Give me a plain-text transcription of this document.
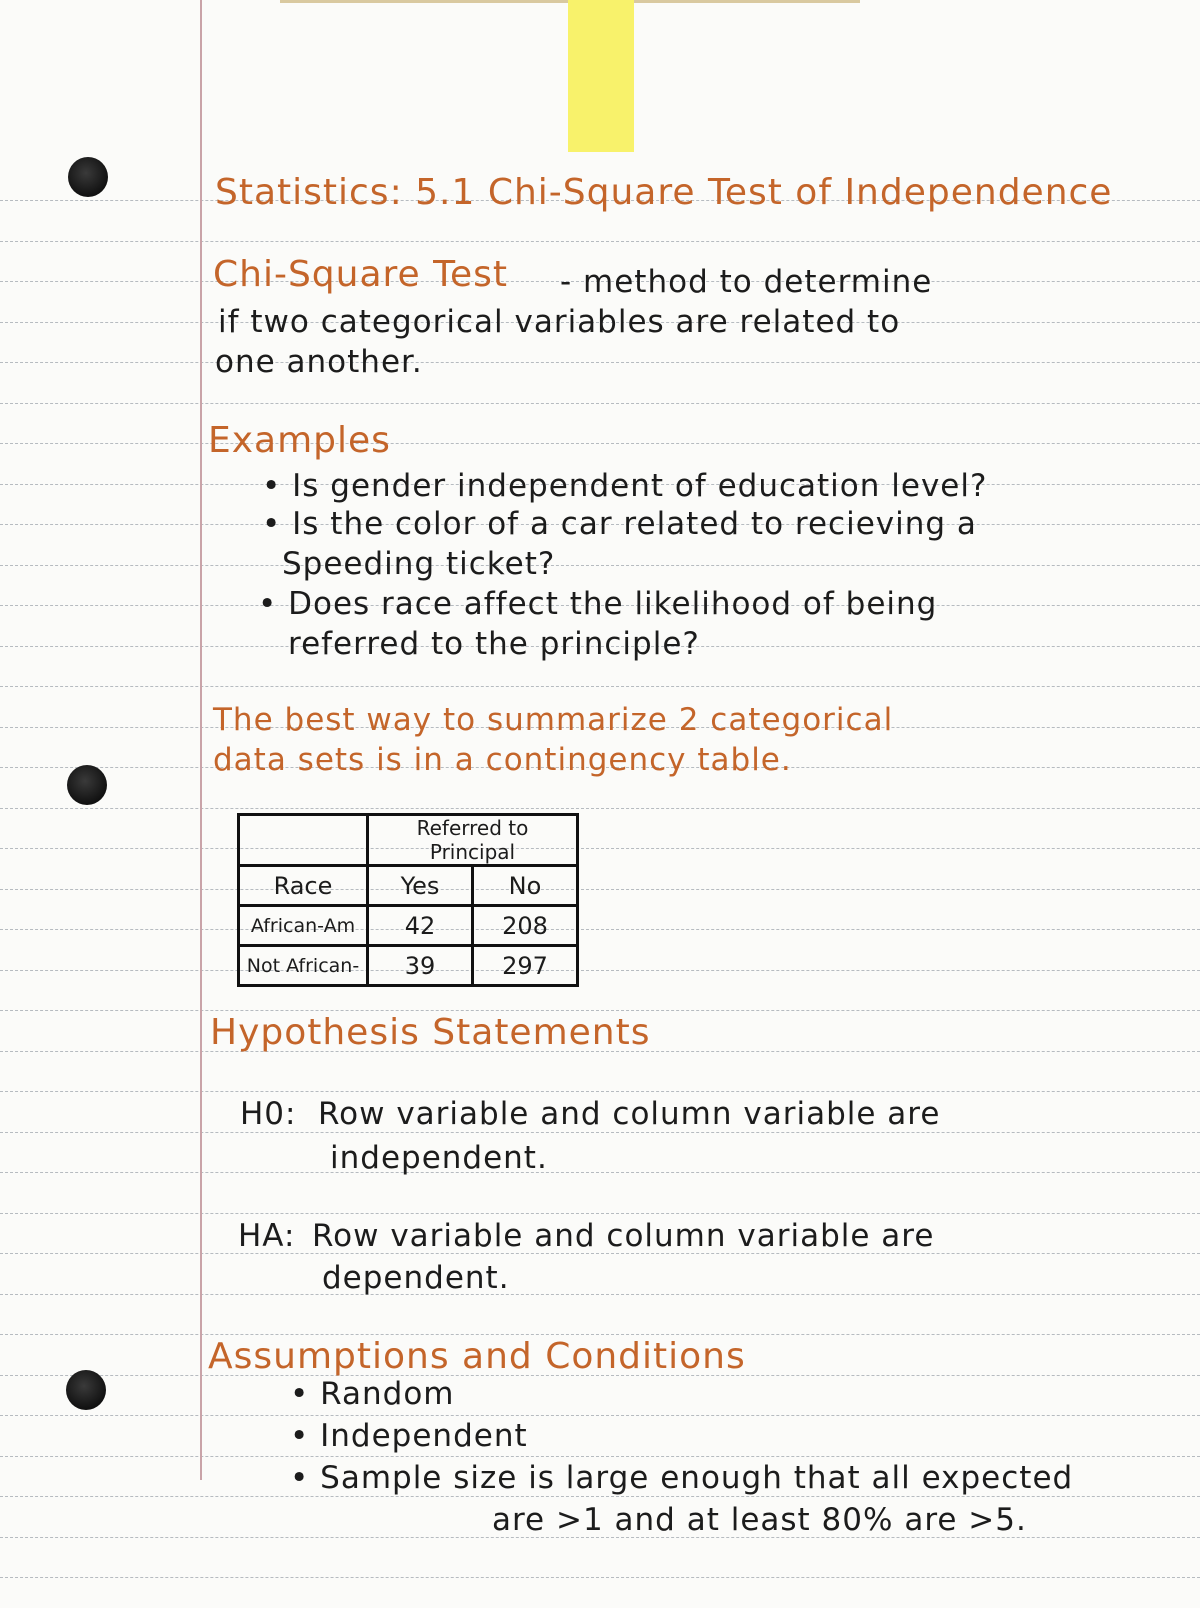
Statistics: 5.1 Chi-Square Test of Independence
Chi-Square Test - method to determine
if two categorical variables are related to
one another.
Examples
• Is gender independent of education level?
• Is the color of a car related to recieving a
Speeding ticket?
• Does race affect the likelihood of being
referred to the principle?
The best way to summarize 2 categorical
data sets is in a contingency table.
	Referred to Principal	
Race	Yes	No
African-Am	42	208
Not African-	39	297
Hypothesis Statements
H0: Row variable and column variable are
independent.
HA: Row variable and column variable are
dependent.
Assumptions and Conditions
• Random
• Independent
• Sample size is large enough that all expected
are >1 and at least 80% are >5.
